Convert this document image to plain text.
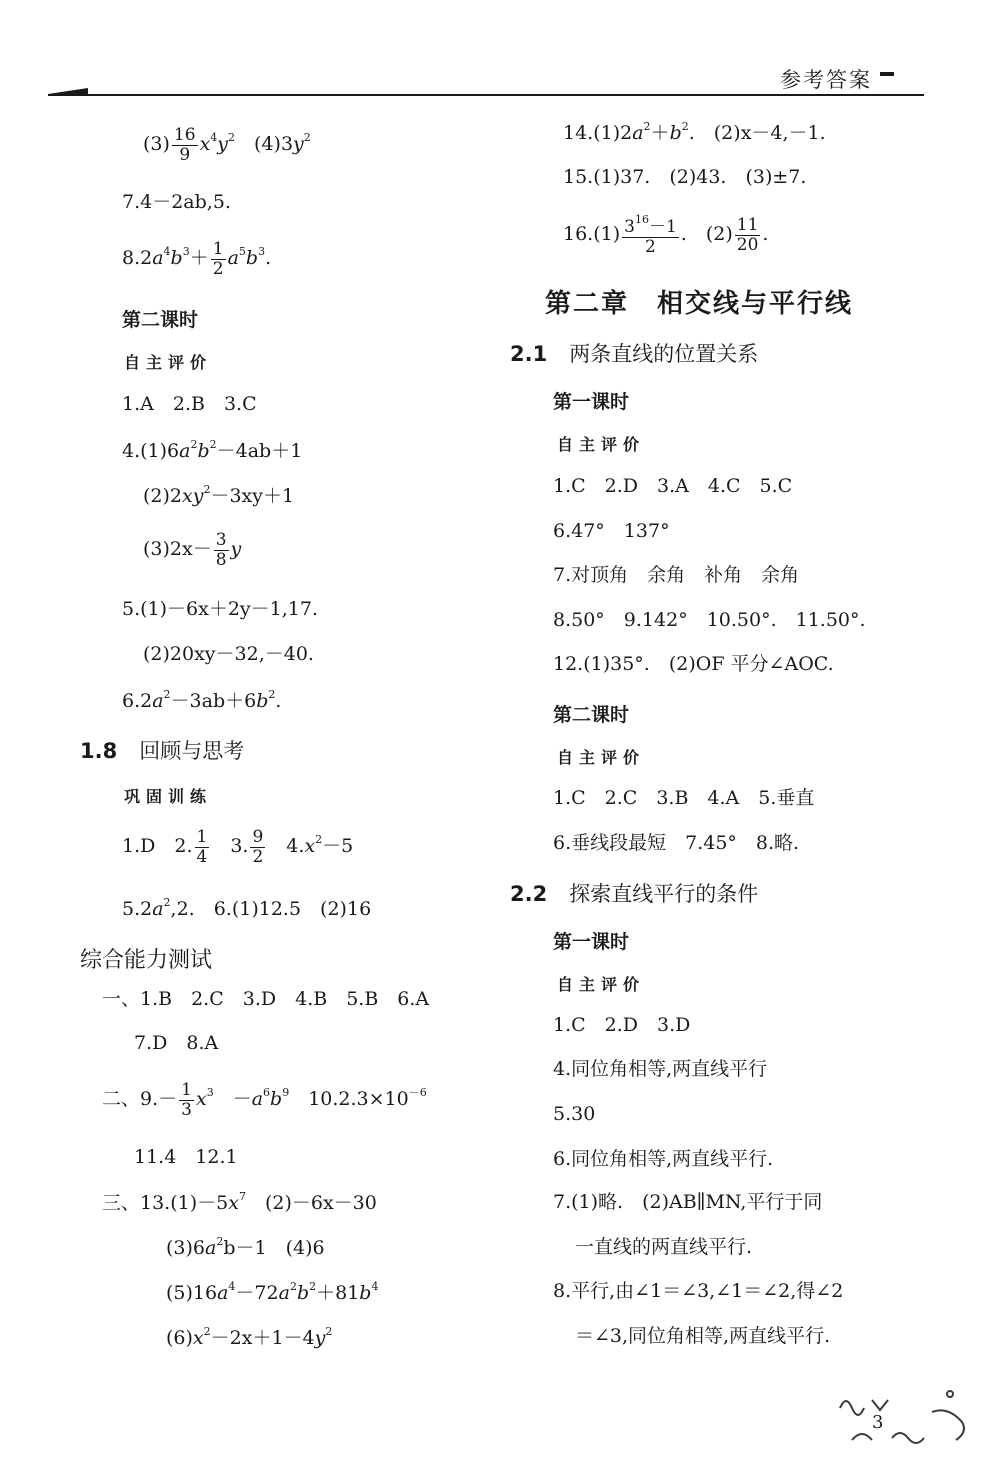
参考答案
$(3) \frac{16}{9} x^4y^2$　 $(4)3y^2$
7.4－2ab,5.
$8.2a^4b^3+ \frac{1}{2} a^5b^3$.
第二课时
自主评价
1.A　2.B　3.C
$4.(1)6a^2b^2-4ab+1$
$(2)2xy^2-3xy+1$
$(3)2x- \frac{3}{8}$ y
5.(1)－6x＋2y－1,17.
(2)20xy－32,－40.
$6.2a^2-3ab+6b^2$.
1.8 回顾与思考
巩固训练
1.D　2. $\frac{1}{4}$ 　3. $\frac{9}{2}$ 　$4.x^2-5$
$5.2a^2,2$.　6.(1)12.5　(2)16
综合能力测试
一、1.B　2.C　3.D　4.B　5.B　6.A
7.D　8.A
二、$9.- \frac{1}{3} x^3$　$-a^6b^9$　$10.2.3\times 10^{-6}$
11.4　12.1
三、$13.(1)-5x^7$　(2)－6x－30
$(3)6a^2b-1$　(4)6
$(5)16a^4-72a^2b^2+81b^4$
$(6)x^2-2x+1-4y^2$
$14.(1)2a^2+b^2$.　(2)x－4,－1.
15.(1)37.　(2)43.　(3)±7.
$16.(1) \frac{3^{16}-1}{2}$ .　$(2) \frac{11}{20}$ .
第二章　相交线与平行线
2.1 两条直线的位置关系
第一课时
自主评价
1.C　2.D　3.A　4.C　5.C
6.47°　137°
7.对顶角　余角　补角　余角
8.50°　9.142°　10.50°.　11.50°.
12.(1)35°.　(2)OF 平分∠AOC.
第二课时
自主评价
1.C　2.C　3.B　4.A　5.垂直
6.垂线段最短　7.45°　8.略.
2.2 探索直线平行的条件
第一课时
自主评价
1.C　2.D　3.D
4.同位角相等,两直线平行
5.30
6.同位角相等,两直线平行.
7.(1)略.　(2)AB∥MN,平行于同
一直线的两直线平行.
8.平行,由∠1＝∠3,∠1＝∠2,得∠2
＝∠3,同位角相等,两直线平行.
3
